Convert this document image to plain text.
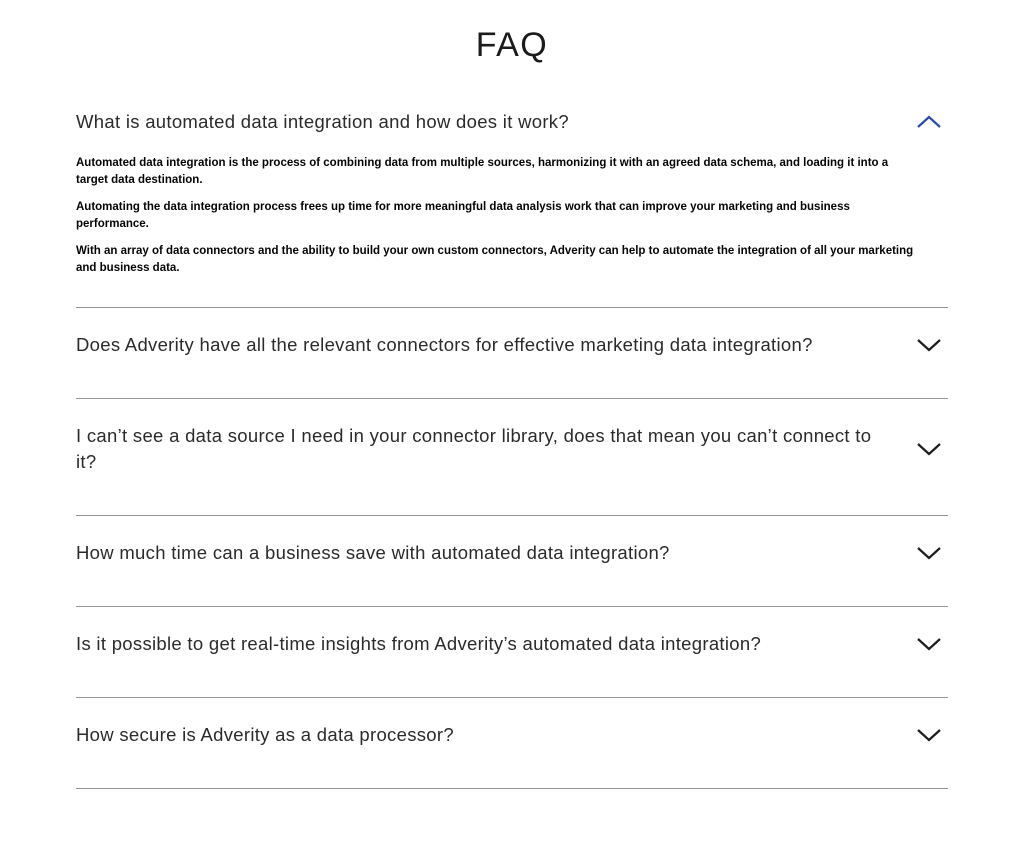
FAQ
What is automated data integration and how does it work?

Automated data integration is the process of combining data from multiple sources, harmonizing it with an agreed data schema, and loading it into a target data destination.

Automating the data integration process frees up time for more meaningful data analysis work that can improve your marketing and business performance.

With an array of data connectors and the ability to build your own custom connectors, Adverity can help to automate the integration of all your marketing and business data.

Does Adverity have all the relevant connectors for effective marketing data integration?
I can’t see a data source I need in your connector library, does that mean you can’t connect to it?
How much time can a business save with automated data integration?
Is it possible to get real-time insights from Adverity’s automated data integration?
How secure is Adverity as a data processor?
